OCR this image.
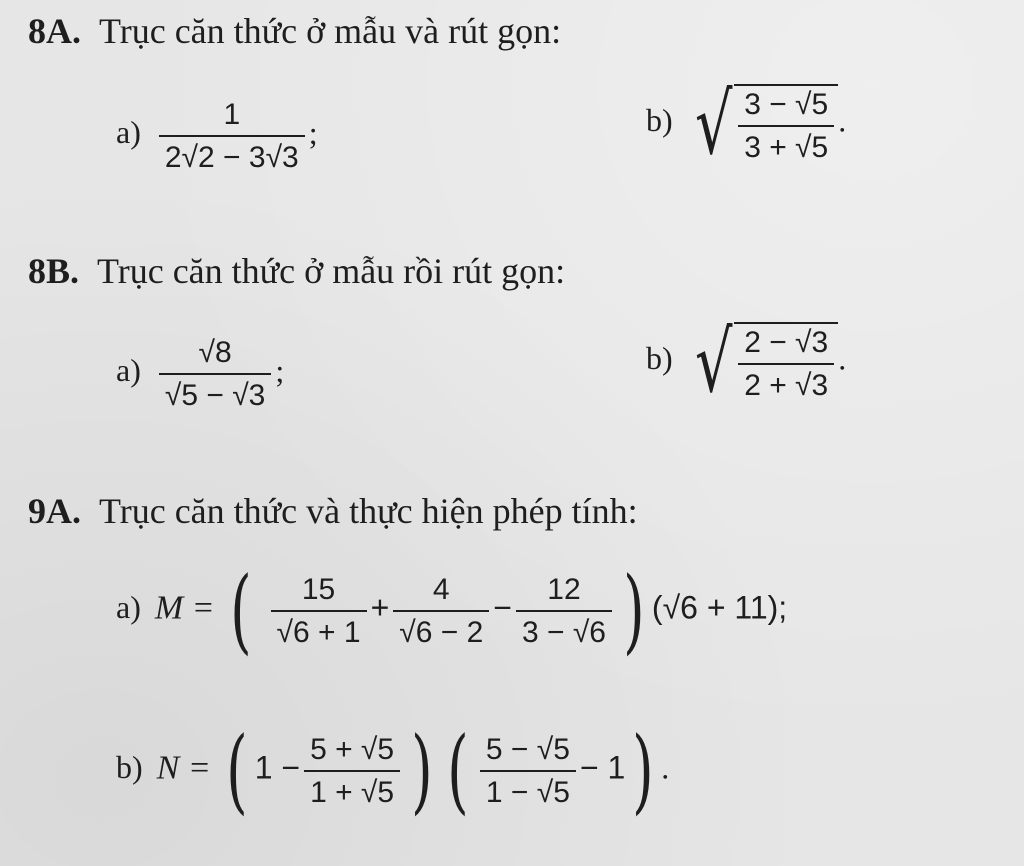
8A. Trục căn thức ở mẫu và rút gọn:
$a) \frac{1}{2√2 - 3√3}$ ;	b) √ $\frac{3 - √5}{3 + √5}$ .
8B. Trục căn thức ở mẫu rồi rút gọn:
$a) \frac{√8}{√5 - √3}$ ;	b) √ $\frac{2 - √3}{2 + √3}$ .
9A. Trục căn thức và thực hiện phép tính:
a) M = ( $\frac{15}{√6 + 1} + \frac{4}{√6 - 2} - \frac{12}{3 - √6}$ ) (√6 + 11);
b) N = ( $1 - \frac{5 + √5}{1 + √5}$ ) ( $\frac{5 - √5}{1 - √5} - 1$) .
